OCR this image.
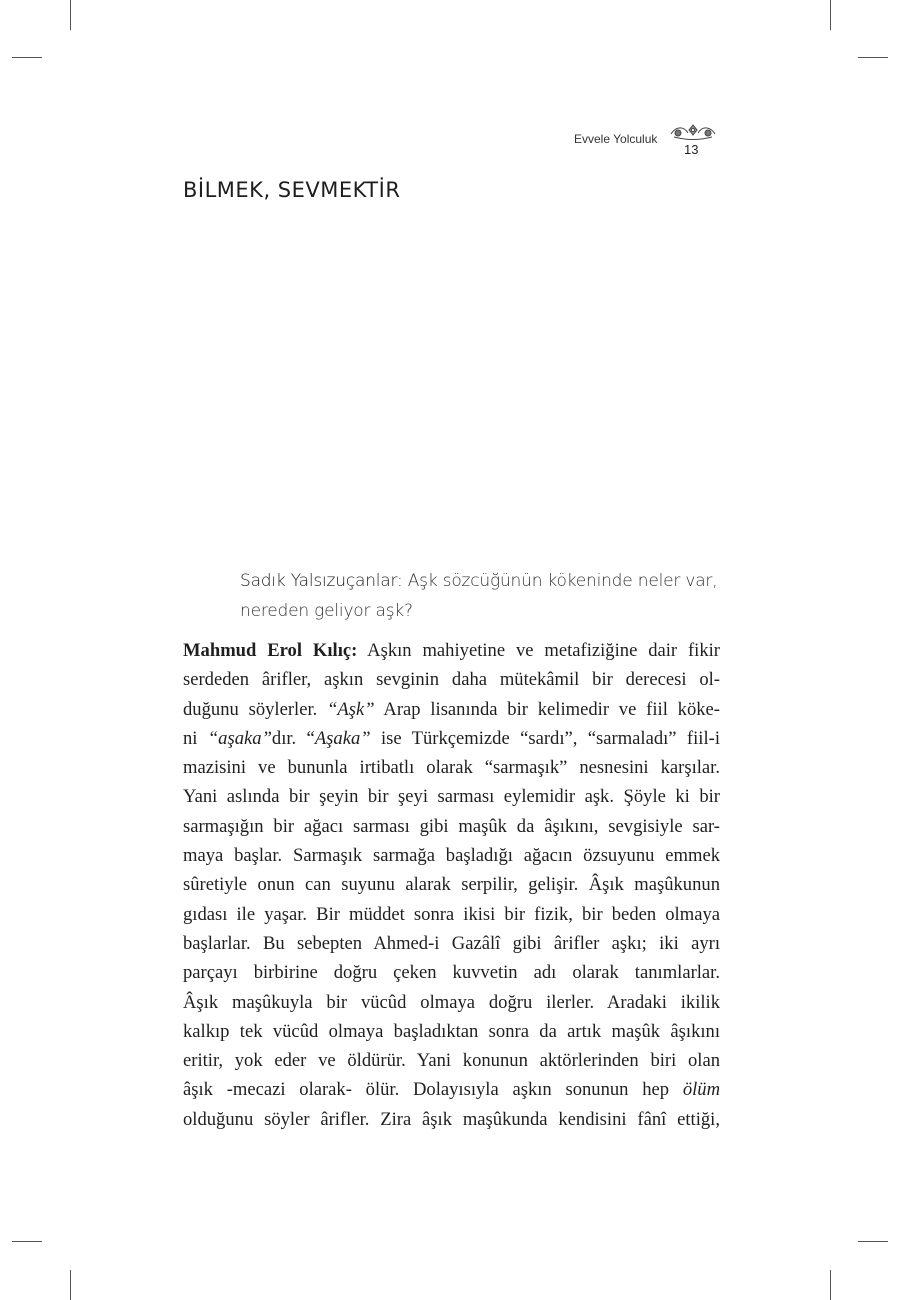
Evvele Yolculuk
13
BİLMEK, SEVMEKTİR
Sadık Yalsızuçanlar: Aşk sözcüğünün kökeninde neler var,
nereden geliyor aşk?
Mahmud Erol Kılıç: Aşkın mahiyetine ve metafiziğine dair fikir
serdeden ârifler, aşkın sevginin daha mütekâmil bir derecesi ol-
duğunu söylerler. “Aşk” Arap lisanında bir kelimedir ve fiil köke-
ni “aşaka”dır. “Aşaka” ise Türkçemizde “sardı”, “sarmaladı” fiil-i
mazisini ve bununla irtibatlı olarak “sarmaşık” nesnesini karşılar.
Yani aslında bir şeyin bir şeyi sarması eylemidir aşk. Şöyle ki bir
sarmaşığın bir ağacı sarması gibi maşûk da âşıkını, sevgisiyle sar-
maya başlar. Sarmaşık sarmağa başladığı ağacın özsuyunu emmek
sûretiyle onun can suyunu alarak serpilir, gelişir. Âşık maşûkunun
gıdası ile yaşar. Bir müddet sonra ikisi bir fizik, bir beden olmaya
başlarlar. Bu sebepten Ahmed-i Gazâlî gibi ârifler aşkı; iki ayrı
parçayı birbirine doğru çeken kuvvetin adı olarak tanımlarlar.
Âşık maşûkuyla bir vücûd olmaya doğru ilerler. Aradaki ikilik
kalkıp tek vücûd olmaya başladıktan sonra da artık maşûk âşıkını
eritir, yok eder ve öldürür. Yani konunun aktörlerinden biri olan
âşık -mecazi olarak- ölür. Dolayısıyla aşkın sonunun hep ölüm
olduğunu söyler ârifler. Zira âşık maşûkunda kendisini fânî ettiği,
